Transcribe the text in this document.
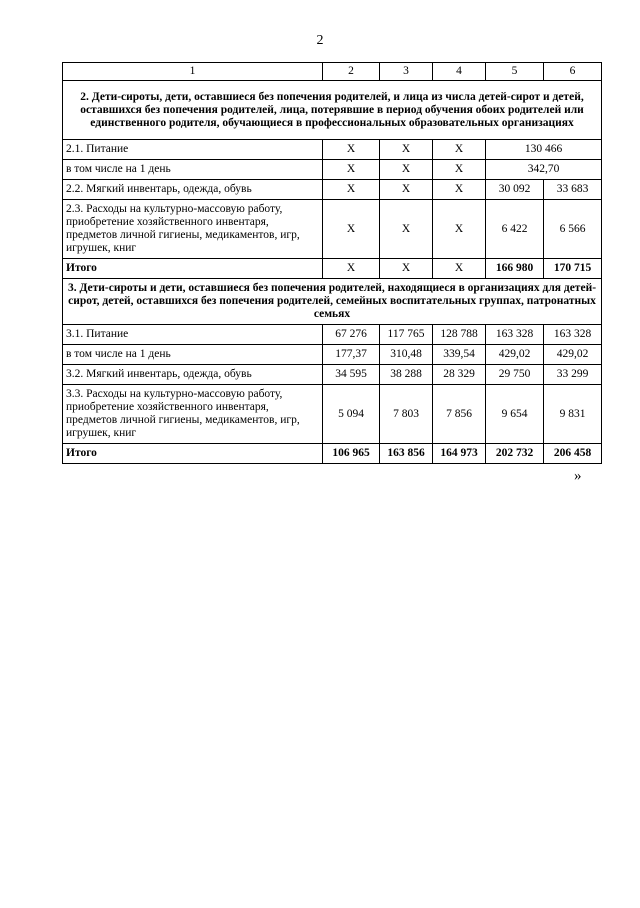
2
1	2	3	4	5	6
2. Дети-сироты, дети, оставшиеся без попечения родителей, и лица из числа детей-сирот и детей, оставшихся без попечения родителей, лица, потерявшие в период обучения обоих родителей или единственного родителя, обучающиеся в профессиональных образовательных организациях					
2.1. Питание	X	X	X	130 466	
в том числе на 1 день	X	X	X	342,70	
2.2. Мягкий инвентарь, одежда, обувь	X	X	X	30 092	33 683
2.3. Расходы на культурно-массовую работу, приобретение хозяйственного инвентаря, предметов личной гигиены, медикаментов, игр, игрушек, книг	X	X	X	6 422	6 566
Итого	X	X	X	166 980	170 715
3. Дети-сироты и дети, оставшиеся без попечения родителей, находящиеся в организациях для детей-сирот, детей, оставшихся без попечения родителей, семейных воспитательных группах, патронатных семьях					
3.1. Питание	67 276	117 765	128 788	163 328	163 328
в том числе на 1 день	177,37	310,48	339,54	429,02	429,02
3.2. Мягкий инвентарь, одежда, обувь	34 595	38 288	28 329	29 750	33 299
3.3. Расходы на культурно-массовую работу, приобретение хозяйственного инвентаря, предметов личной гигиены, медикаментов, игр, игрушек, книг	5 094	7 803	7 856	9 654	9 831
Итого	106 965	163 856	164 973	202 732	206 458
»
